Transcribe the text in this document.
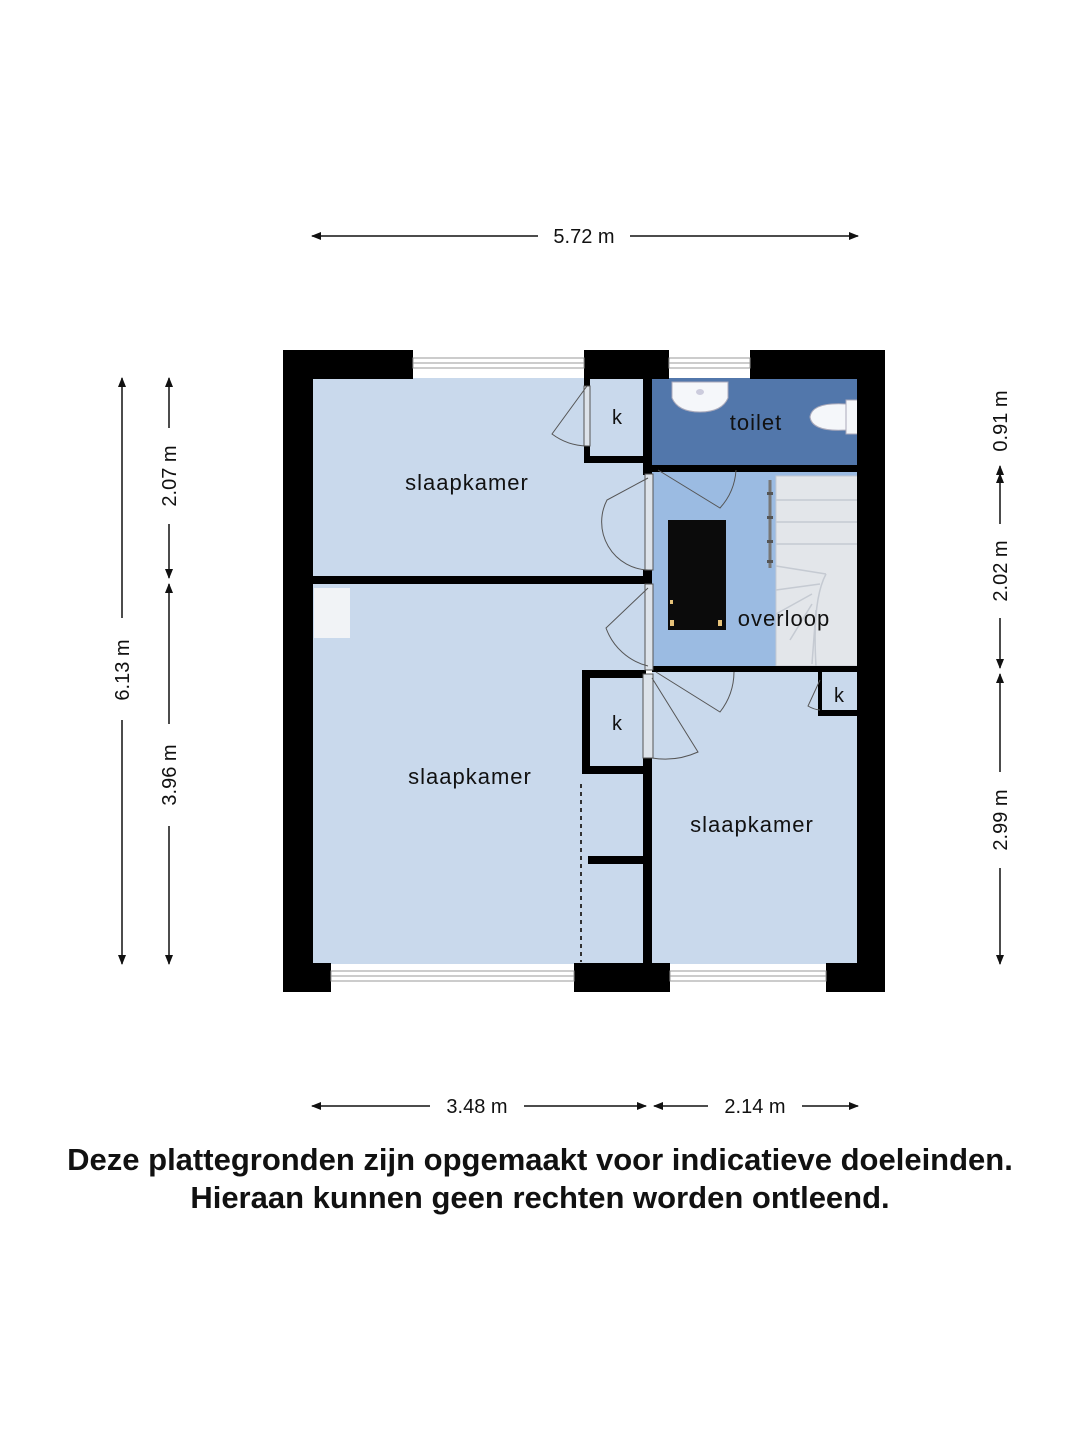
slaapkamer
slaapkamer
slaapkamer
toilet
overloop
k
k
k
5.72 m
3.48 m	2.14 m
6.13 m
2.07 m
3.96 m
0.91 m
2.02 m
2.99 m
Deze plattegronden zijn opgemaakt voor indicatieve doeleinden.
Hieraan kunnen geen rechten worden ontleend.
